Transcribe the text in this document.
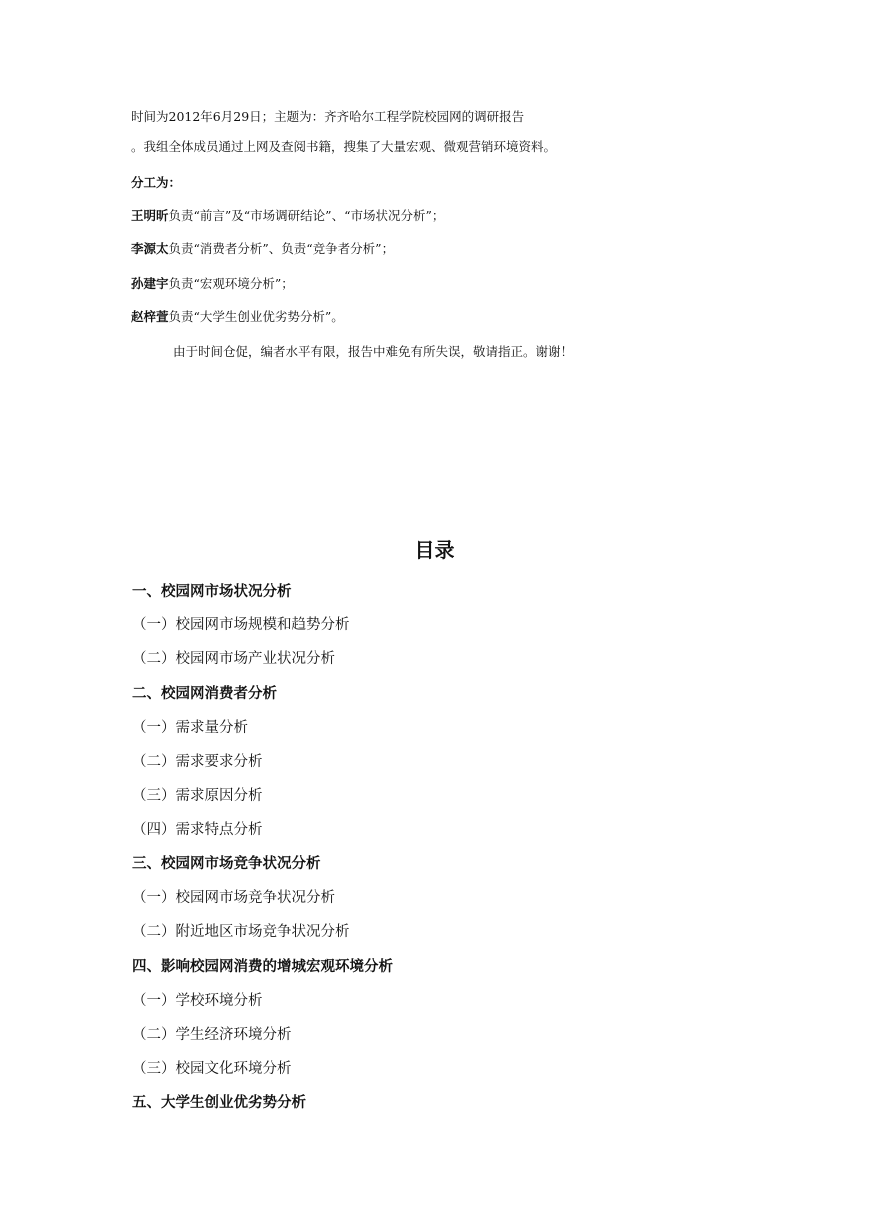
时间为2012年6月29日；主题为：齐齐哈尔工程学院校园网的调研报告
。我组全体成员通过上网及查阅书籍，搜集了大量宏观、微观营销环境资料。
分工为：
王明昕负责“前言”及“市场调研结论”、“市场状况分析”；
李源太负责“消费者分析”、负责“竞争者分析”；
孙建宇负责“宏观环境分析”；
赵梓萱负责“大学生创业优劣势分析”。
由于时间仓促，编者水平有限，报告中难免有所失误，敬请指正。谢谢！
目录
一、校园网市场状况分析
（一）校园网市场规模和趋势分析
（二）校园网市场产业状况分析
二、校园网消费者分析
（一）需求量分析
（二）需求要求分析
（三）需求原因分析
（四）需求特点分析
三、校园网市场竞争状况分析
（一）校园网市场竞争状况分析
（二）附近地区市场竞争状况分析
四、影响校园网消费的增城宏观环境分析
（一）学校环境分析
（二）学生经济环境分析
（三）校园文化环境分析
五、大学生创业优劣势分析
